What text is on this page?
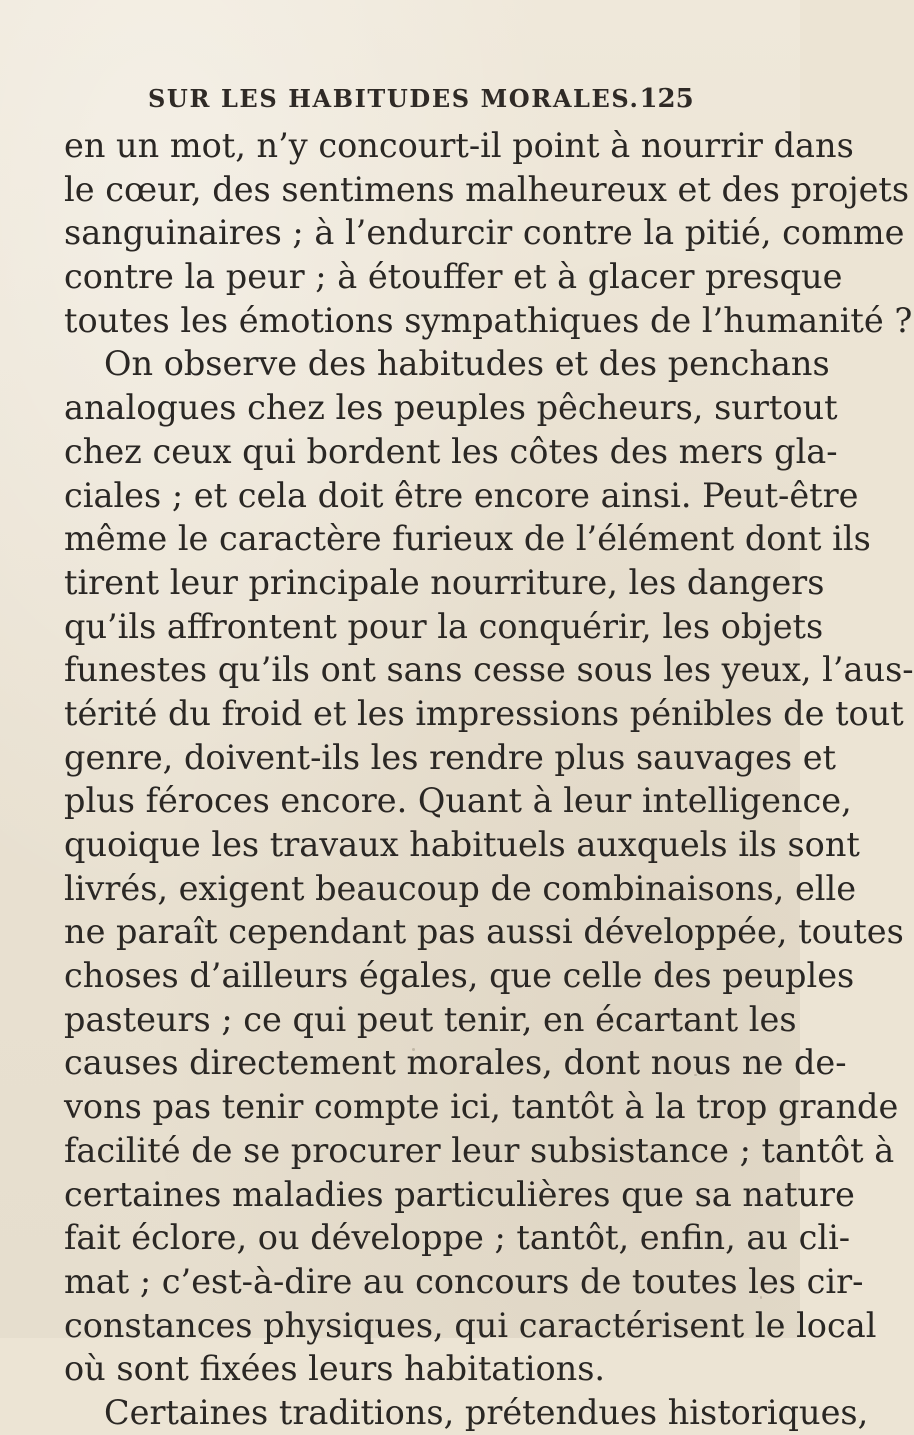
SUR LES HABITUDES MORALES. 125
en un mot, n’y concourt-il point à nourrir dans
le cœur, des sentimens malheureux et des projets
sanguinaires ; à l’endurcir contre la pitié, comme
contre la peur ; à étouffer et à glacer presque
toutes les émotions sympathiques de l’humanité ?
On observe des habitudes et des penchans
analogues chez les peuples pêcheurs, surtout
chez ceux qui bordent les côtes des mers gla-
ciales ; et cela doit être encore ainsi. Peut-être
même le caractère furieux de l’élément dont ils
tirent leur principale nourriture, les dangers
qu’ils affrontent pour la conquérir, les objets
funestes qu’ils ont sans cesse sous les yeux, l’aus-
térité du froid et les impressions pénibles de tout
genre, doivent-ils les rendre plus sauvages et
plus féroces encore. Quant à leur intelligence,
quoique les travaux habituels auxquels ils sont
livrés, exigent beaucoup de combinaisons, elle
ne paraît cependant pas aussi développée, toutes
choses d’ailleurs égales, que celle des peuples
pasteurs ; ce qui peut tenir, en écartant les
causes directement morales, dont nous ne de-
vons pas tenir compte ici, tantôt à la trop grande
facilité de se procurer leur subsistance ; tantôt à
certaines maladies particulières que sa nature
fait éclore, ou développe ; tantôt, enfin, au cli-
mat ; c’est-à-dire au concours de toutes les cir-
constances physiques, qui caractérisent le local
où sont fixées leurs habitations.
Certaines traditions, prétendues historiques,
